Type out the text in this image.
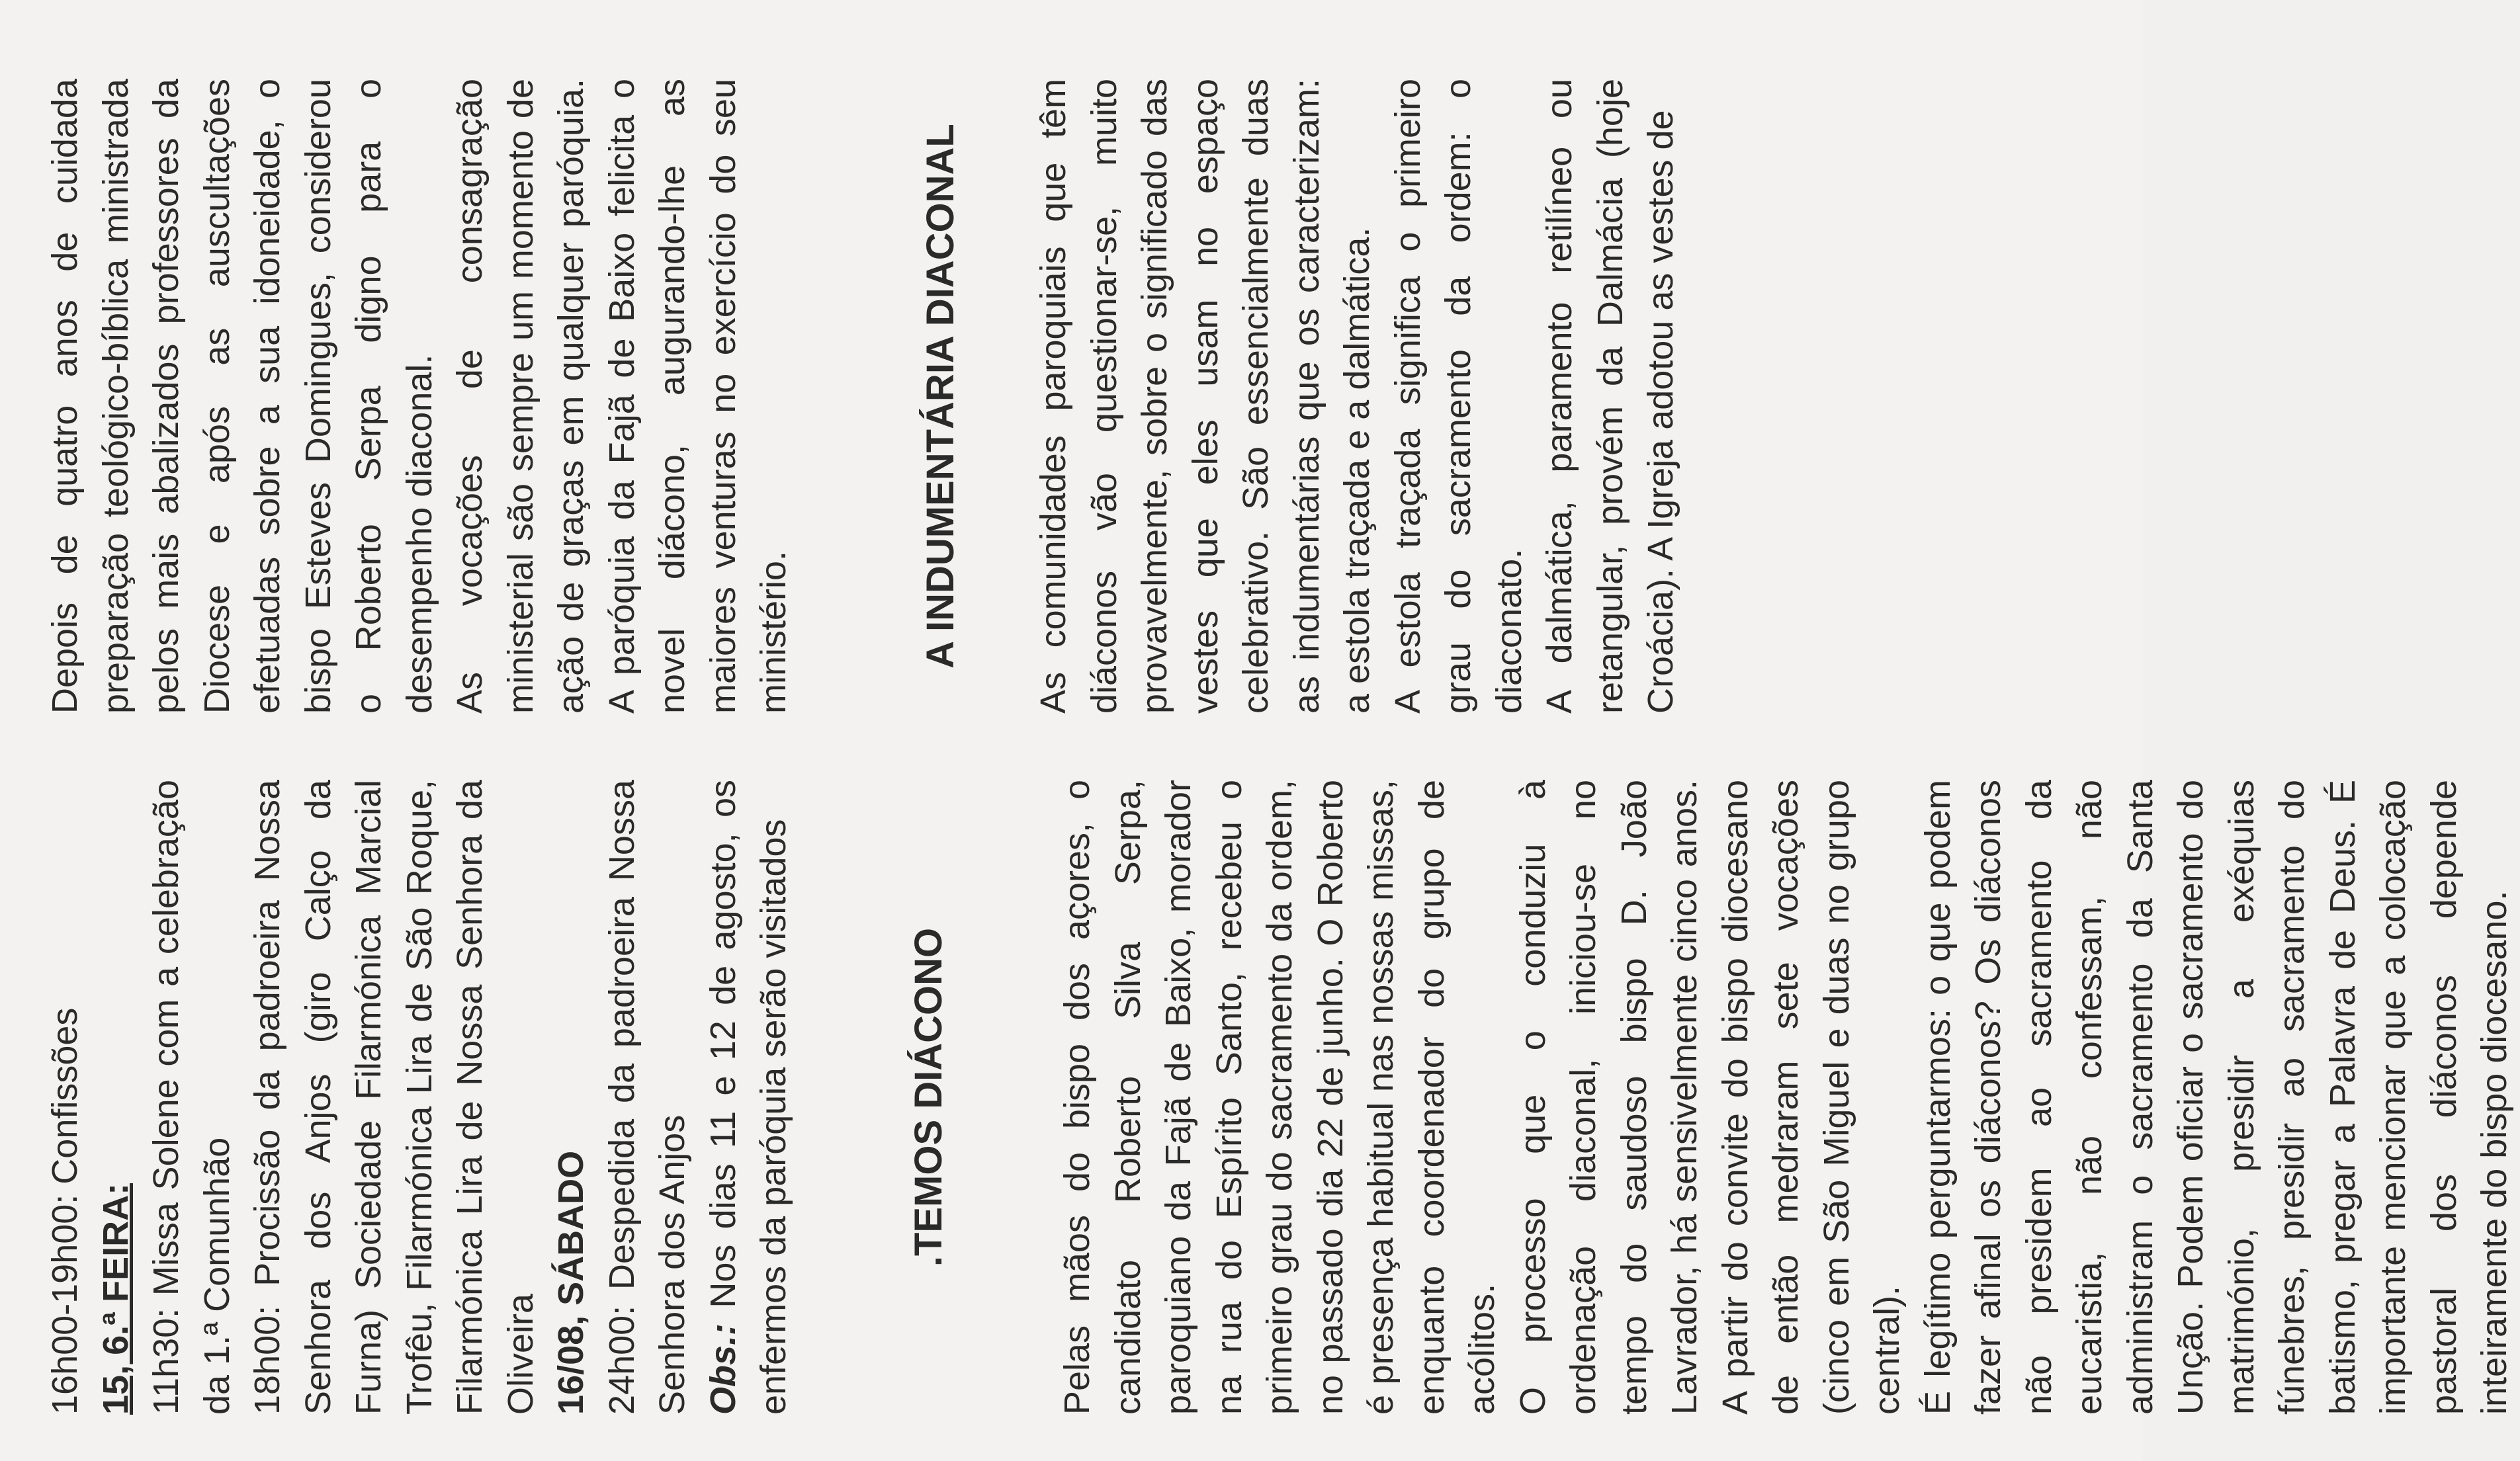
16h00-19h00: Confissões 15, 6.ª FEIRA: 11h30: Missa Solene com a celebração da 1.ª Comunhão 18h00: Procissão da padroeira Nossa Senhora dos Anjos (giro Calço da Furna) Sociedade Filarmónica Marcial Trofêu, Filarmónica Lira de São Roque, Filarmónica Lira de Nossa Senhora da Oliveira 16/08, SÁBADO 24h00: Despedida da padroeira Nossa Senhora dos Anjos Obs.: Nos dias 11 e 12 de agosto, os enfermos da paróquia serão visitados	.TEMOS DIÁCONO	Pelas mãos do bispo dos açores, o candidato Roberto Silva Serpa, paroquiano da Fajã de Baixo, morador na rua do Espírito Santo, recebeu o primeiro grau do sacramento da ordem, no passado dia 22 de junho. O Roberto é presença habitual nas nossas missas, enquanto coordenador do grupo de acólitos. O processo que o conduziu à ordenação diaconal, iniciou-se no tempo do saudoso bispo D. João Lavrador, há sensivelmente cinco anos. A partir do convite do bispo diocesano de então medraram sete vocações (cinco em São Miguel e duas no grupo central). É legítimo perguntarmos: o que podem fazer afinal os diáconos? Os diáconos não presidem ao sacramento da eucaristia, não confessam, não administram o sacramento da Santa Unção. Podem oficiar o sacramento do matrimónio, presidir a exéquias fúnebres, presidir ao sacramento do batismo, pregar a Palavra de Deus. É importante mencionar que a colocação pastoral dos diáconos depende inteiramente do bispo diocesano.

Depois de quatro anos de cuidada preparação teológico-bíblica ministrada pelos mais abalizados professores da Diocese e após as auscultações efetuadas sobre a sua idoneidade, o bispo Esteves Domingues, considerou o Roberto Serpa digno para o desempenho diaconal. As vocações de consagração ministerial são sempre um momento de ação de graças em qualquer paróquia. A paróquia da Fajã de Baixo felicita o novel diácono, augurando-lhe as maiores venturas no exercício do seu ministério.	A INDUMENTÁRIA DIACONAL As comunidades paroquiais que têm diáconos vão questionar-se, muito provavelmente, sobre o significado das vestes que eles usam no espaço celebrativo. São essencialmente duas as indumentárias que os caracterizam: a estola traçada e a dalmática. A estola traçada significa o primeiro grau do sacramento da ordem: o diaconato. A dalmática, paramento retilíneo ou retangular, provém da Dalmácia (hoje Croácia). A Igreja adotou as vestes de
